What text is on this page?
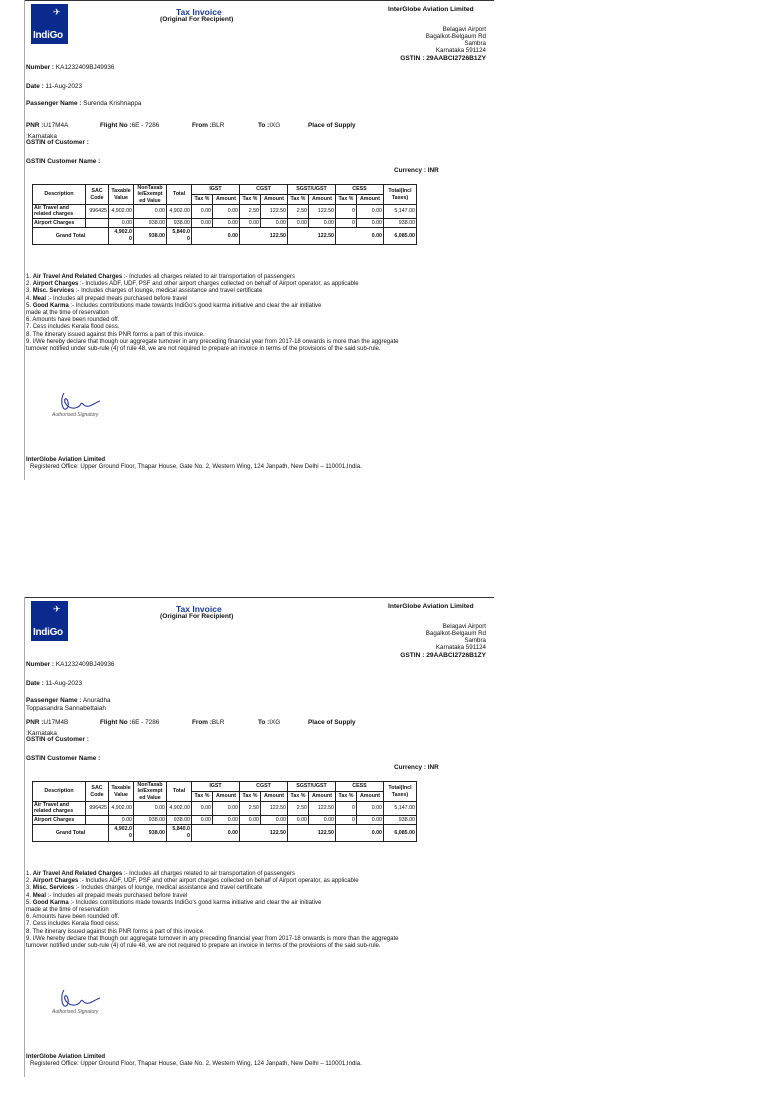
✈
IndiGo
Tax Invoice
(Original For Recipient)
InterGlobe Aviation Limited
Belagavi Airport
Bagalkot-Belgaum Rd
Sambra
Karnataka 591124
GSTIN : 29AABCI2726B1ZY
Number : KA1232409BJ49936
Date : 11-Aug-2023
Passenger Name : Surenda Krishnappa

PNR : U17M4A	Flight No : 6E - 7286	From : BLR	To : IXG	Place of Supply
:Karnataka
GSTIN of Customer :
GSTIN Customer Name :
Currency : INR
Description	SAC Code	Taxable Value	NonTaxab le/Exempt ed Value	Total	IGST		CGST		SGST/UGST		CESS		Total(Incl Taxes)
					Tax %	Amount	Tax %	Amount	Tax %	Amount	Tax %	Amount	
Air Travel and related charges	996425	4,902.00	0.00	4,902.00	0.00	0.00	2.50	122.50	2.50	122.50	0	0.00	5,147.00
Airport Charges		0.00	938.00	938.00	0.00	0.00	0.00	0.00	0.00	0.00	0	0.00	938.00
Grand Total		4,902.0 0	938.00	5,840.0 0	0.00		122.50		122.50		0.00		6,085.00
1. Air Travel And Related Charges :- Includes all charges related to air transportation of passengers
2. Airport Charges :- Includes ADF, UDF, PSF and other airport charges collected on behalf of Airport operator, as applicable
3. Misc. Services :- Includes charges of lounge, medical assistance and travel certificate
4. Meal :- Includes all prepaid meals purchased before travel
5. Good Karma :- Includes contributions made towards IndiGo's good karma initiative and clear the air initiative
made at the time of reservation
6. Amounts have been rounded off.
7. Cess includes Kerala flood cess.
8. The itinerary issued against this PNR forms a part of this invoice.
9. I/We hereby declare that though our aggregate turnover in any preceding financial year from 2017-18 onwards is more than the aggregate
turnover notified under sub-rule (4) of rule 48, we are not required to prepare an invoice in terms of the provisions of the said sub-rule.
Authorised Signatory
InterGlobe Aviation Limited
Registered Office: Upper Ground Floor, Thapar House, Gate No. 2, Western Wing, 124 Janpath, New Delhi – 110001,India.
✈
IndiGo
Tax Invoice
(Original For Recipient)
InterGlobe Aviation Limited
Belagavi Airport
Bagalkot-Belgaum Rd
Sambra
Karnataka 591124
GSTIN : 29AABCI2726B1ZY
Number : KA1232409BJ49936
Date : 11-Aug-2023
Passenger Name : Anuradha
Toppasandra Sannabettaiah
PNR : U17M4B	Flight No : 6E - 7286	From : BLR	To : IXG	Place of Supply
:Karnataka
GSTIN of Customer :
GSTIN Customer Name :
Currency : INR
Description	SAC Code	Taxable Value	NonTaxab le/Exempt ed Value	Total	IGST		CGST		SGST/UGST		CESS		Total(Incl Taxes)
					Tax %	Amount	Tax %	Amount	Tax %	Amount	Tax %	Amount	
Air Travel and related charges	996425	4,902.00	0.00	4,902.00	0.00	0.00	2.50	122.50	2.50	122.50	0	0.00	5,147.00
Airport Charges		0.00	938.00	938.00	0.00	0.00	0.00	0.00	0.00	0.00	0	0.00	938.00
Grand Total		4,902.0 0	938.00	5,840.0 0	0.00		122.50		122.50		0.00		6,085.00
1. Air Travel And Related Charges :- Includes all charges related to air transportation of passengers
2. Airport Charges :- Includes ADF, UDF, PSF and other airport charges collected on behalf of Airport operator, as applicable
3. Misc. Services :- Includes charges of lounge, medical assistance and travel certificate
4. Meal :- Includes all prepaid meals purchased before travel
5. Good Karma :- Includes contributions made towards IndiGo's good karma initiative and clear the air initiative
made at the time of reservation
6. Amounts have been rounded off.
7. Cess includes Kerala flood cess.
8. The itinerary issued against this PNR forms a part of this invoice.
9. I/We hereby declare that though our aggregate turnover in any preceding financial year from 2017-18 onwards is more than the aggregate
turnover notified under sub-rule (4) of rule 48, we are not required to prepare an invoice in terms of the provisions of the said sub-rule.
Authorised Signatory
InterGlobe Aviation Limited
Registered Office: Upper Ground Floor, Thapar House, Gate No. 2, Western Wing, 124 Janpath, New Delhi – 110001,India.
